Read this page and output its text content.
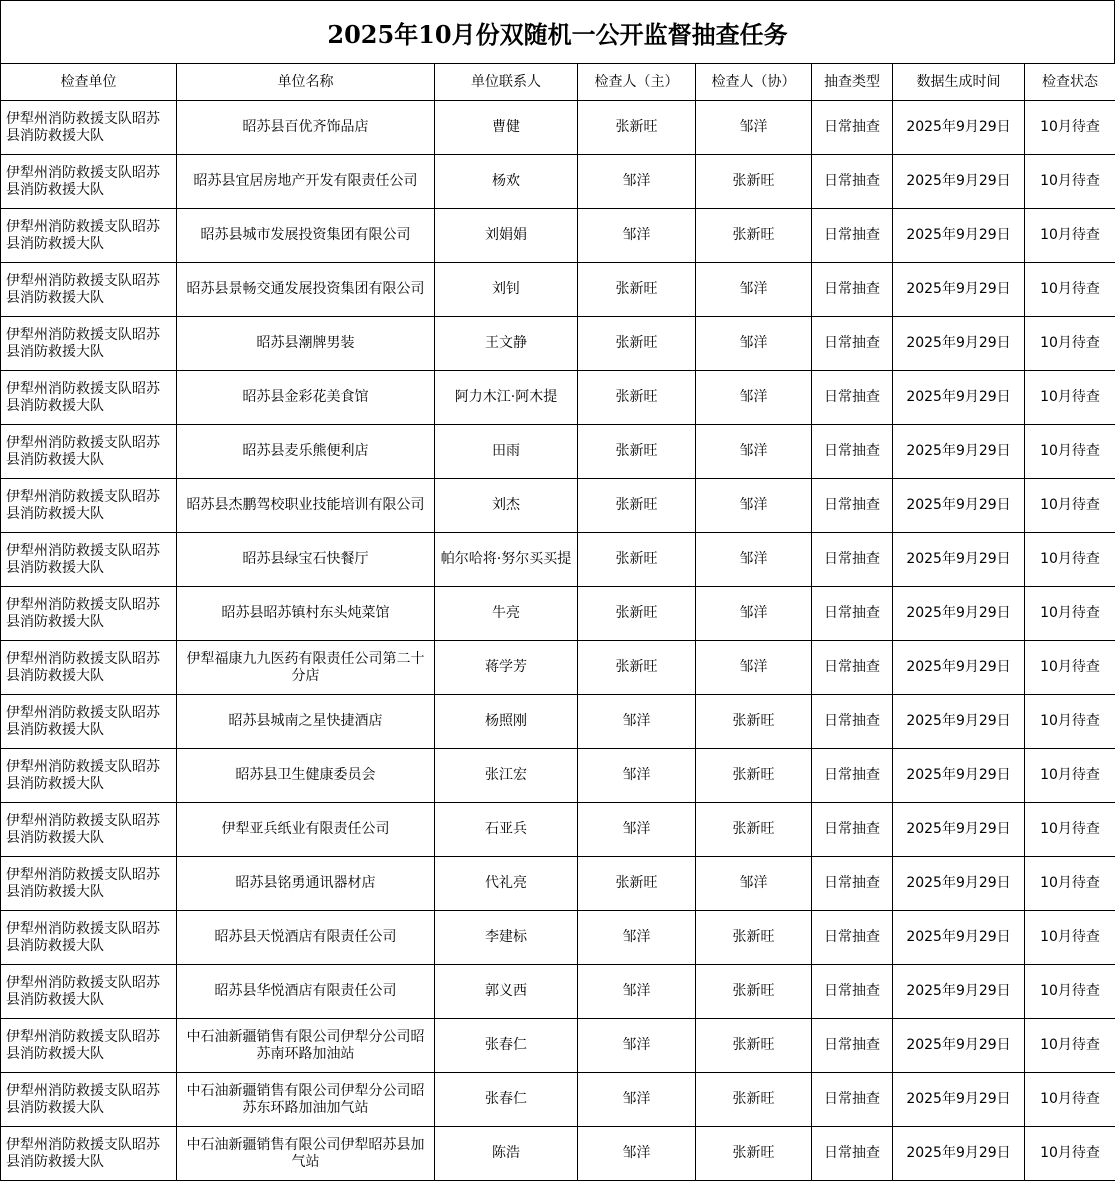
2025年10月份双随机一公开监督抽查任务
检查单位	单位名称	单位联系人	检查人（主）	检查人（协）	抽查类型	数据生成时间	检查状态
伊犁州消防救援支队昭苏县消防救援大队	昭苏县百优齐饰品店	曹健	张新旺	邹洋	日常抽查	2025年9月29日	10月待查
伊犁州消防救援支队昭苏县消防救援大队	昭苏县宜居房地产开发有限责任公司	杨欢	邹洋	张新旺	日常抽查	2025年9月29日	10月待查
伊犁州消防救援支队昭苏县消防救援大队	昭苏县城市发展投资集团有限公司	刘娟娟	邹洋	张新旺	日常抽查	2025年9月29日	10月待查
伊犁州消防救援支队昭苏县消防救援大队	昭苏县景畅交通发展投资集团有限公司	刘钊	张新旺	邹洋	日常抽查	2025年9月29日	10月待查
伊犁州消防救援支队昭苏县消防救援大队	昭苏县潮牌男装	王文静	张新旺	邹洋	日常抽查	2025年9月29日	10月待查
伊犁州消防救援支队昭苏县消防救援大队	昭苏县金彩花美食馆	阿力木江·阿木提	张新旺	邹洋	日常抽查	2025年9月29日	10月待查
伊犁州消防救援支队昭苏县消防救援大队	昭苏县麦乐熊便利店	田雨	张新旺	邹洋	日常抽查	2025年9月29日	10月待查
伊犁州消防救援支队昭苏县消防救援大队	昭苏县杰鹏驾校职业技能培训有限公司	刘杰	张新旺	邹洋	日常抽查	2025年9月29日	10月待查
伊犁州消防救援支队昭苏县消防救援大队	昭苏县绿宝石快餐厅	帕尔哈将·努尔买买提	张新旺	邹洋	日常抽查	2025年9月29日	10月待查
伊犁州消防救援支队昭苏县消防救援大队	昭苏县昭苏镇村东头炖菜馆	牛亮	张新旺	邹洋	日常抽查	2025年9月29日	10月待查
伊犁州消防救援支队昭苏县消防救援大队	伊犁福康九九医药有限责任公司第二十分店	蒋学芳	张新旺	邹洋	日常抽查	2025年9月29日	10月待查
伊犁州消防救援支队昭苏县消防救援大队	昭苏县城南之星快捷酒店	杨照刚	邹洋	张新旺	日常抽查	2025年9月29日	10月待查
伊犁州消防救援支队昭苏县消防救援大队	昭苏县卫生健康委员会	张江宏	邹洋	张新旺	日常抽查	2025年9月29日	10月待查
伊犁州消防救援支队昭苏县消防救援大队	伊犁亚兵纸业有限责任公司	石亚兵	邹洋	张新旺	日常抽查	2025年9月29日	10月待查
伊犁州消防救援支队昭苏县消防救援大队	昭苏县铭勇通讯器材店	代礼亮	张新旺	邹洋	日常抽查	2025年9月29日	10月待查
伊犁州消防救援支队昭苏县消防救援大队	昭苏县天悦酒店有限责任公司	李建标	邹洋	张新旺	日常抽查	2025年9月29日	10月待查
伊犁州消防救援支队昭苏县消防救援大队	昭苏县华悦酒店有限责任公司	郭义西	邹洋	张新旺	日常抽查	2025年9月29日	10月待查
伊犁州消防救援支队昭苏县消防救援大队	中石油新疆销售有限公司伊犁分公司昭苏南环路加油站	张春仁	邹洋	张新旺	日常抽查	2025年9月29日	10月待查
伊犁州消防救援支队昭苏县消防救援大队	中石油新疆销售有限公司伊犁分公司昭苏东环路加油加气站	张春仁	邹洋	张新旺	日常抽查	2025年9月29日	10月待查
伊犁州消防救援支队昭苏县消防救援大队	中石油新疆销售有限公司伊犁昭苏县加气站	陈浩	邹洋	张新旺	日常抽查	2025年9月29日	10月待查
